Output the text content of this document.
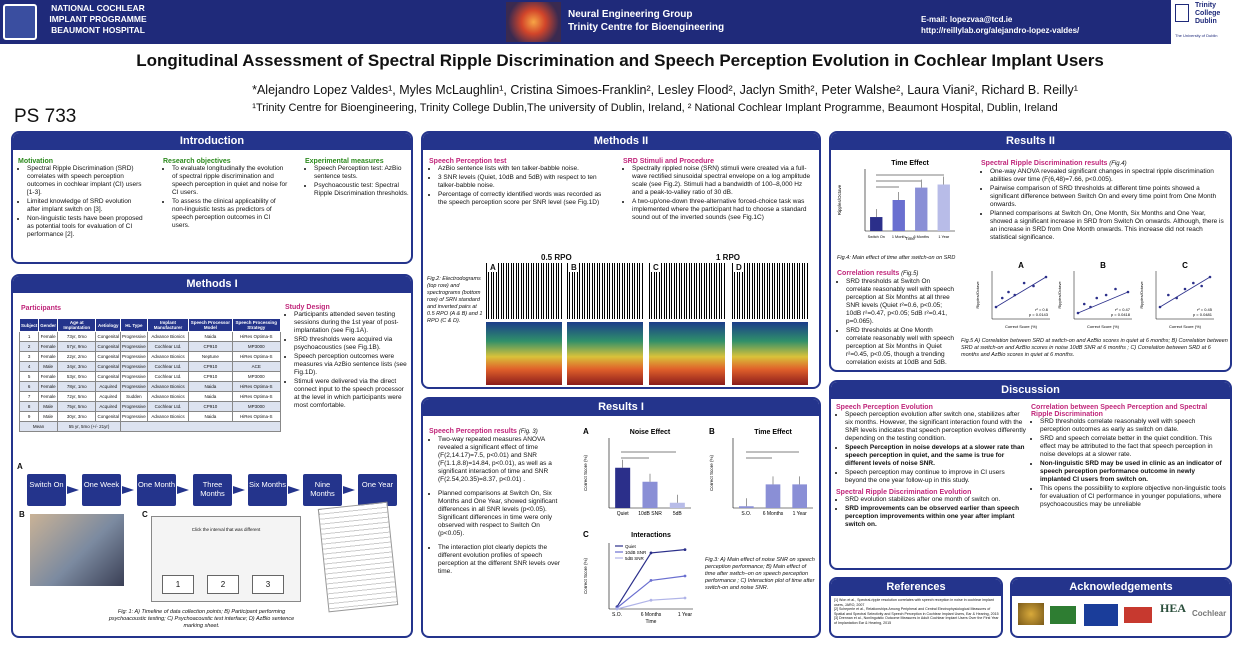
NATIONAL COCHLEAR
IMPLANT PROGRAMME
BEAUMONT HOSPITAL
Neural Engineering Group
Trinity Centre for Bioengineering
E-mail: lopezvaa@tcd.ie
http://reillylab.org/alejandro-lopez-valdes/
Trinity
College
Dublin
The University of Dublin
Longitudinal Assessment of Spectral Ripple Discrimination and Speech Perception Evolution in Cochlear Implant Users
*Alejandro Lopez Valdes¹, Myles McLaughlin¹, Cristina Simoes-Franklin², Lesley Flood², Jaclyn Smith², Peter Walshe², Laura Viani², Richard B. Reilly¹
¹Trinity Centre for Bioengineering, Trinity College Dublin,The university of Dublin, Ireland, ² National Cochlear Implant Programme, Beaumont Hospital, Dublin, Ireland
PS 733
Introduction
Motivation
• Spectral Ripple Discrimination (SRD) correlates with speech perception outcomes in cochlear implant (CI) users [1-3].
• Limited knowledge of SRD evolution after implant switch on [3].
• Non-linguistic tests have been proposed as potential tools for evaluation of CI performance [2].
Research objectives
• To evaluate longitudinally the evolution of spectral ripple discrimination and speech perception in quiet and noise for CI users.
• To assess the clinical applicability of non-linguistic tests as predictors of speech perception outcomes in CI users.
Experimental measures
• Speech Perception test: AzBio sentence tests.
• Psychoacoustic test: Spectral Ripple Discrimination thresholds.
Methods I
Participants
Subject	Gender	Age at Implantation	Aetiology	HL Type	Implant Manufacturer	Speech Processor Model	Speech Processing Strategy
1	Female	73yr, 0mo	Congenital	Progressive	Advance Bionics	Naida	HiRes Optima-S
2	Female	57yr, 9mo	Congenital	Progressive	Cochlear Ltd.	CP910	MP3000
3	Female	22yr, 2mo	Congenital	Progressive	Advance Bionics	Neptune	HiRes Optima-S
4	Male	34yr, 3mo	Congenital	Progressive	Cochlear Ltd.	CP910	ACE
5	Female	53yr, 0mo	Congenital	Progressive	Cochlear Ltd.	CP910	MP3000
6	Female	78yr, 1mo	Acquired	Progressive	Advance Bionics	Naida	HiRes Optima-S
7	Female	72yr, 5mo	Acquired	Sudden	Advance Bionics	Naida	HiRes Optima-S
8	Male	75yr, 5mo	Acquired	Progressive	Cochlear Ltd.	CP910	MP3000
9	Male	30yr, 3mo	Congenital	Progressive	Advance Bionics	Naida	HiRes Optima-S
Mean		55 yr, 5mo (+/- 21yr)					
Study Design
• Participants attended seven testing sessions during the 1st year of post-implantation (see Fig.1A).
• SRD thresholds were acquired via psychoacoustics (see Fig.1B).
• Speech perception outcomes were measures via AzBio sentence lists (see Fig.1D).
• Stimuli were delivered via the direct connect input to the speech processor at the level in which participants were most comfortable.
A
Switch On	One Week	One Month	Three Months
Six Months	Nine Months
One Year
B	C
Click the interval that was different
1	2	3
Fig: 1: A) Timeline of data collection points; B) Participant performing psychoacoustic testing; C) Psychoacoustic test interface; D) AzBio sentence marking sheet.
Methods II
Speech Perception test
• AzBio sentence lists with ten talker-babble noise.
• 3 SNR levels (Quiet, 10dB and 5dB) with respect to ten talker-babble noise.
• Percentage of correctly identified words was recorded as the speech perception score per SNR level (see Fig.1D)
SRD Stimuli and Procedure
• Spectrally rippled noise (SRN) stimuli were created via a full-wave rectified sinusoidal spectral envelope on a log amplitude scale (see Fig.2). Stimuli had a bandwidth of 100–8,000 Hz and a peak-to-valley ratio of 30 dB.
• A two-up/one-down three-alternative forced-choice task was implemented where the participant had to choose a standard sound out of the inverted sounds (see Fig.1C)
0.5 RPO	1 RPO
A	B	C	D
Fig.2: Electrodograms (top row) and spectrograms (bottom row) of SRN standard and inverted pairs at 0.5 RPO (A & B) and 1 RPO (C & D).
Results I
Speech Perception results (Fig. 3)
• Two-way repeated measures ANOVA revealed a significant effect of time (F(2,14.17)=7.5, p<0.01) and SNR (F(1.1,8.8)=14.84, p<0.01), as well as a significant interaction of time and SNR (F(2.54,20.35)=8.37, p<0.01) .
• Planned comparisons at Switch On, Six Months and One Year, showed significant differences in all SNR levels (p<0.05). Significant differences in time were only observed with respect to Switch On (p<0.05).
• The interaction plot clearly depicts the different evolution profiles of speech perception at the different SNR levels over time.
Noise Effect
A
Correct Score (%)
Quiet 10dB SNR 5dB
Time Effect
B
Correct Score (%)
S.O. 6 Months 1 Year
C	Interactions
Correct Score (%)
S.O.	6 Months	1 Year
Time
Quiet
10dB SNR
5dB SNR	Fig.3: A) Main effect of noise SNR on speech perception performance; B) Main effect of time after switch–on on speech perception performance ; C) Interaction plot of time after switch-on and noise SNR.
Results II
Time Effect
Ripples/Octave
Switch On 1 Month 6 Months 1 Year
Time
Fig.4: Main effect of time after switch-on on SRD
Spectral Ripple Discrimination results (Fig.4)
• One-way ANOVA revealed significant changes in spectral ripple discrimination abilities over time (F(6,48)=7.66, p<0.005).
• Pairwise comparison of SRD thresholds at different time points showed a significant difference between Switch On and every time point from One Month onwards.
• Planned comparisons at Switch On, One Month, Six Months and One Year, showed a significant increase in SRD from Switch On onwards. Although, there is an increase in SRD from One Month onwards. This increase did not reach statistical significance.
Correlation results (Fig.5)
• SRD thresholds at Switch On correlate reasonably well with speech perception at Six Months at all three SNR levels (Quiet r²=0.6, p<0.05; 10dB r²=0.47, p<0.05; 5dB r²=0.41, p=0.065).
• SRD thresholds at One Month correlate reasonably well with speech perception at Six Months in Quiet r²=0.45, p<0.05, though a trending correlation exists at 10dB and 5dB.
A
Ripples/Octave
Correct Score (%)
r² = 0.6
p = 0.0143
B
Ripples/Octave
Correct Score (%)
r² = 0.47
p = 0.0418
C
Ripples/Octave
Correct Score (%)
r² = 0.45
p = 0.0481
Fig.5 A) Correlation between SRD at switch-on and AzBio scores in quiet at 6 months; B) Correlation between SRD at switch-on and AzBio scores in noise 10dB SNR at 6 months ; C) Correlation between SRD at 6 months and AzBio scores in quiet at 6 months.
Discussion
Speech Perception Evolution
• Speech perception evolution after switch one, stabilizes after six months. However, the significant interaction found with the SNR levels indicates that speech perception evolves differently depending on the testing condition.
• Speech Perception in noise develops at a slower rate than speech perception in quiet, and the same is true for different levels of noise SNR.
• Speech perception may continue to improve in CI users beyond the one year follow-up in this study.
Spectral Ripple Discrimination Evolution
• SRD evolution stabilizes after one month of switch on.
• SRD improvements can be observed earlier than speech perception improvements within one year after implant switch on.
Correlation between Speech Perception and Spectral Ripple Discrimination
• SRD thresholds correlate reasonably well with speech perception outcomes as early as switch on date.
• SRD and speech correlate better in the quiet condition. This effect may be attributed to the fact that speech perception in noise develops at a slower rate.
• Non-linguistic SRD may be used in clinic as an indicator of speech perception performance outcome in newly implanted CI users from switch on.
• This opens the possibility to explore objective non-linguistic tools for evaluation of CI performance in younger populations, where psychoacoustics may be unreliable
References
[1] Won et al., Spectral-ripple resolution correlates with speech reception in noise in cochlear implant users, JARO, 2007
[2] Scheperle et al., Relationships Among Peripheral and Central Electrophysiological Measures of Spatial and Spectral Selectivity and Speech Perception in Cochlear Implant Users, Ear & Hearing, 2015
[3] Drennan et al., Nonlinguistic Outcome Measures in Adult Cochlear Implant Users Over the First Year of Implantation Ear & Hearing, 2015
Acknowledgements
HEA Cochlear
